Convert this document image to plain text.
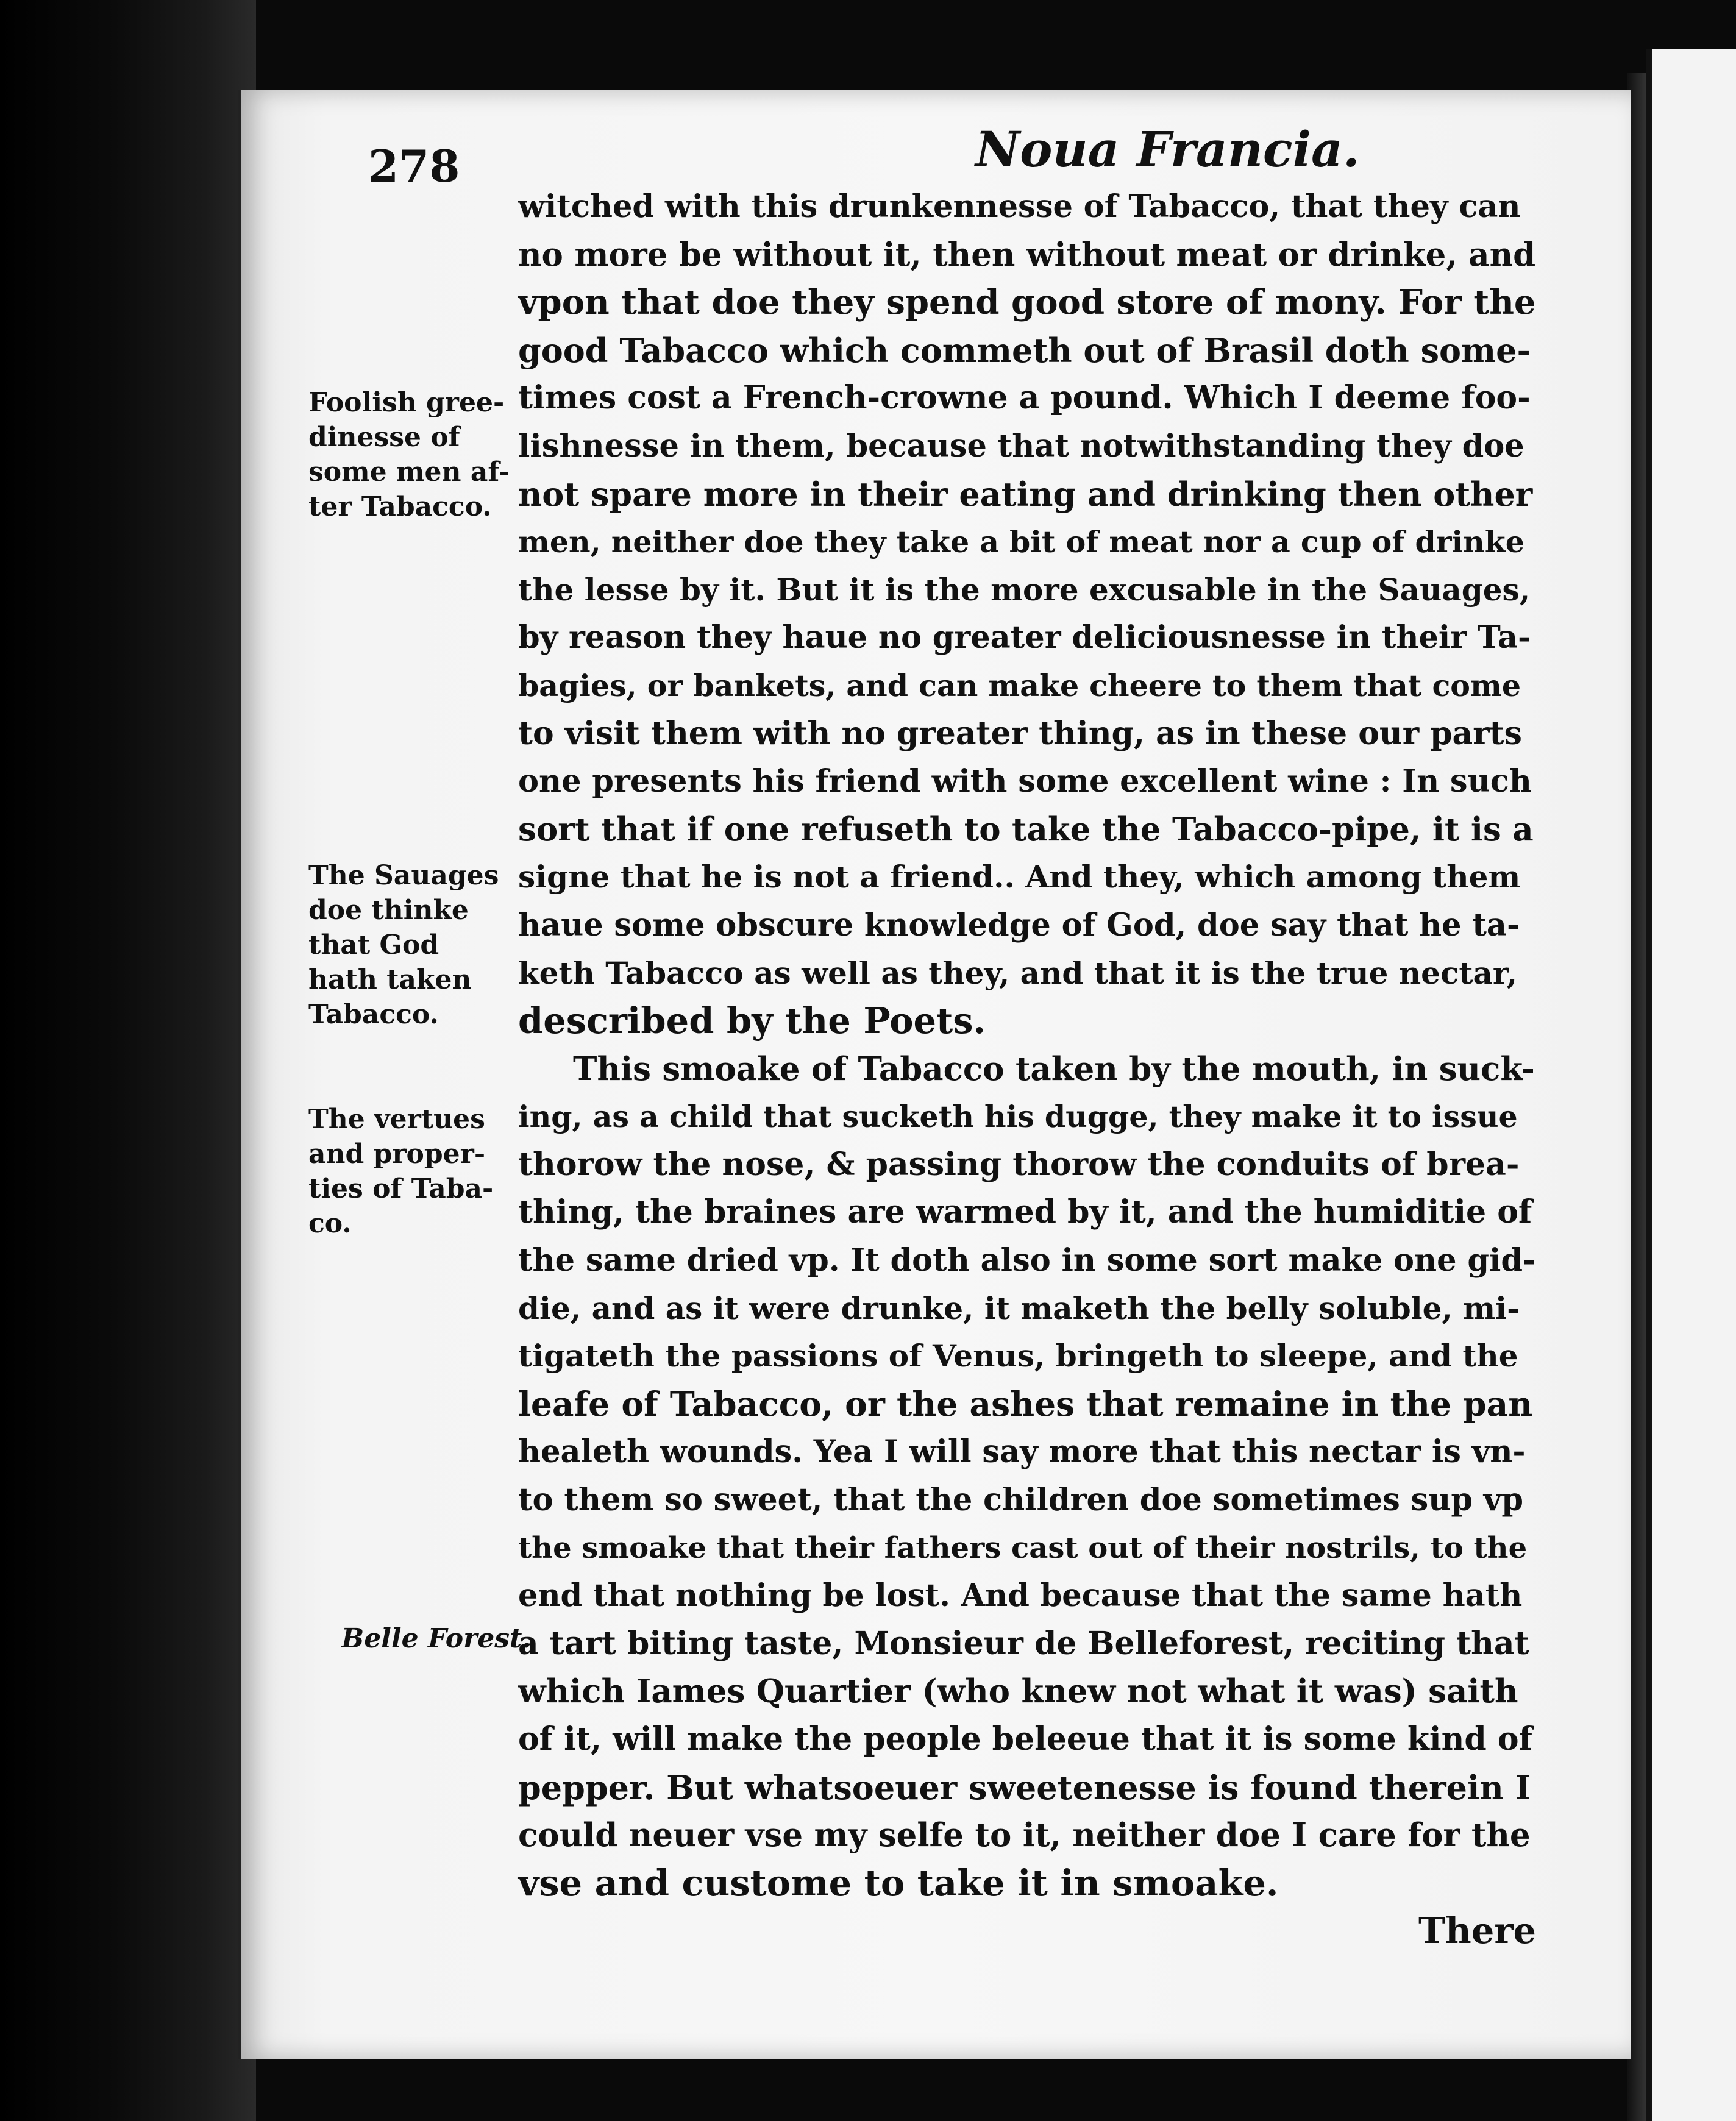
278	Noua Francia.
Foolish gree-
dinesse of
some men af-
ter Tabacco.
The Sauages
doe thinke
that God
hath taken
Tabacco.
The vertues
and proper-
ties of Taba-
co.
Belle Forest.
witched with this drunkennesse of Tabacco, that they can
no more be without it, then without meat or drinke, and
vpon that doe they spend good store of mony. For the
good Tabacco which commeth out of Brasil doth some-
times cost a French-crowne a pound. Which I deeme foo-
lishnesse in them, because that notwithstanding they doe
not spare more in their eating and drinking then other
men, neither doe they take a bit of meat nor a cup of drinke
the lesse by it. But it is the more excusable in the Sauages,
by reason they haue no greater deliciousnesse in their Ta-
bagies, or bankets, and can make cheere to them that come
to visit them with no greater thing, as in these our parts
one presents his friend with some excellent wine : In such
sort that if one refuseth to take the Tabacco-pipe, it is a
signe that he is not a friend.. And they, which among them
haue some obscure knowledge of God, doe say that he ta-
keth Tabacco as well as they, and that it is the true nectar,
described by the Poets.
This smoake of Tabacco taken by the mouth, in suck-
ing, as a child that sucketh his dugge, they make it to issue
thorow the nose, & passing thorow the conduits of brea-
thing, the braines are warmed by it, and the humiditie of
the same dried vp. It doth also in some sort make one gid-
die, and as it were drunke, it maketh the belly soluble, mi-
tigateth the passions of Venus, bringeth to sleepe, and the
leafe of Tabacco, or the ashes that remaine in the pan
healeth wounds. Yea I will say more that this nectar is vn-
to them so sweet, that the children doe sometimes sup vp
the smoake that their fathers cast out of their nostrils, to the
end that nothing be lost. And because that the same hath
a tart biting taste, Monsieur de Belleforest, reciting that
which Iames Quartier (who knew not what it was) saith
of it, will make the people beleeue that it is some kind of
pepper. But whatsoeuer sweetenesse is found therein I
could neuer vse my selfe to it, neither doe I care for the
vse and custome to take it in smoake.
There
